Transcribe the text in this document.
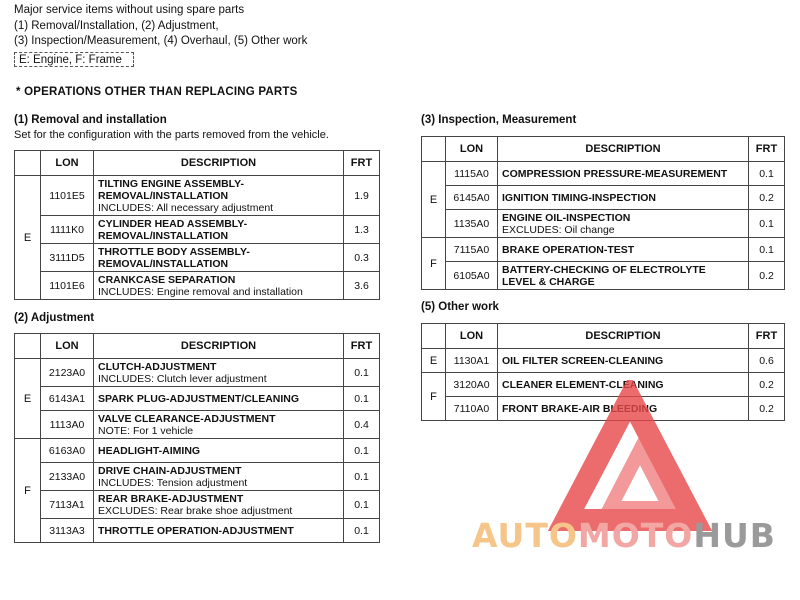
Major service items without using spare parts
(1) Removal/Installation, (2) Adjustment,
(3) Inspection/Measurement, (4) Overhaul, (5) Other work
E: Engine, F: Frame
* OPERATIONS OTHER THAN REPLACING PARTS
(1) Removal and installation
Set for the configuration with the parts removed from the vehicle.
	LON	DESCRIPTION	FRT
E	1101E5	TILTING ENGINE ASSEMBLY-
REMOVAL/INSTALLATION
INCLUDES: All necessary adjustment	1.9
	1111K0	CYLINDER HEAD ASSEMBLY-
REMOVAL/INSTALLATION	1.3
	3111D5	THROTTLE BODY ASSEMBLY-
REMOVAL/INSTALLATION	0.3
	1101E6	CRANKCASE SEPARATION
INCLUDES: Engine removal and installation	3.6
(2) Adjustment
	LON	DESCRIPTION	FRT
E	2123A0	CLUTCH-ADJUSTMENT
INCLUDES: Clutch lever adjustment	0.1
	6143A1	SPARK PLUG-ADJUSTMENT/CLEANING	0.1
	1113A0	VALVE CLEARANCE-ADJUSTMENT
NOTE: For 1 vehicle	0.4
F	6163A0	HEADLIGHT-AIMING	0.1
	2133A0	DRIVE CHAIN-ADJUSTMENT
INCLUDES: Tension adjustment	0.1
	7113A1	REAR BRAKE-ADJUSTMENT
EXCLUDES: Rear brake shoe adjustment	0.1
	3113A3	THROTTLE OPERATION-ADJUSTMENT	0.1
(3) Inspection, Measurement
	LON	DESCRIPTION	FRT
E	1115A0	COMPRESSION PRESSURE-MEASUREMENT	0.1
	6145A0	IGNITION TIMING-INSPECTION	0.2
	1135A0	ENGINE OIL-INSPECTION
EXCLUDES: Oil change	0.1
F	7115A0	BRAKE OPERATION-TEST	0.1
	6105A0	BATTERY-CHECKING OF ELECTROLYTE
LEVEL & CHARGE	0.2
(5) Other work
	LON	DESCRIPTION	FRT
E	1130A1	OIL FILTER SCREEN-CLEANING	0.6
F	3120A0	CLEANER ELEMENT-CLEANING	0.2
	7110A0	FRONT BRAKE-AIR BLEEDING	0.2
AUTOMOTOHUB
